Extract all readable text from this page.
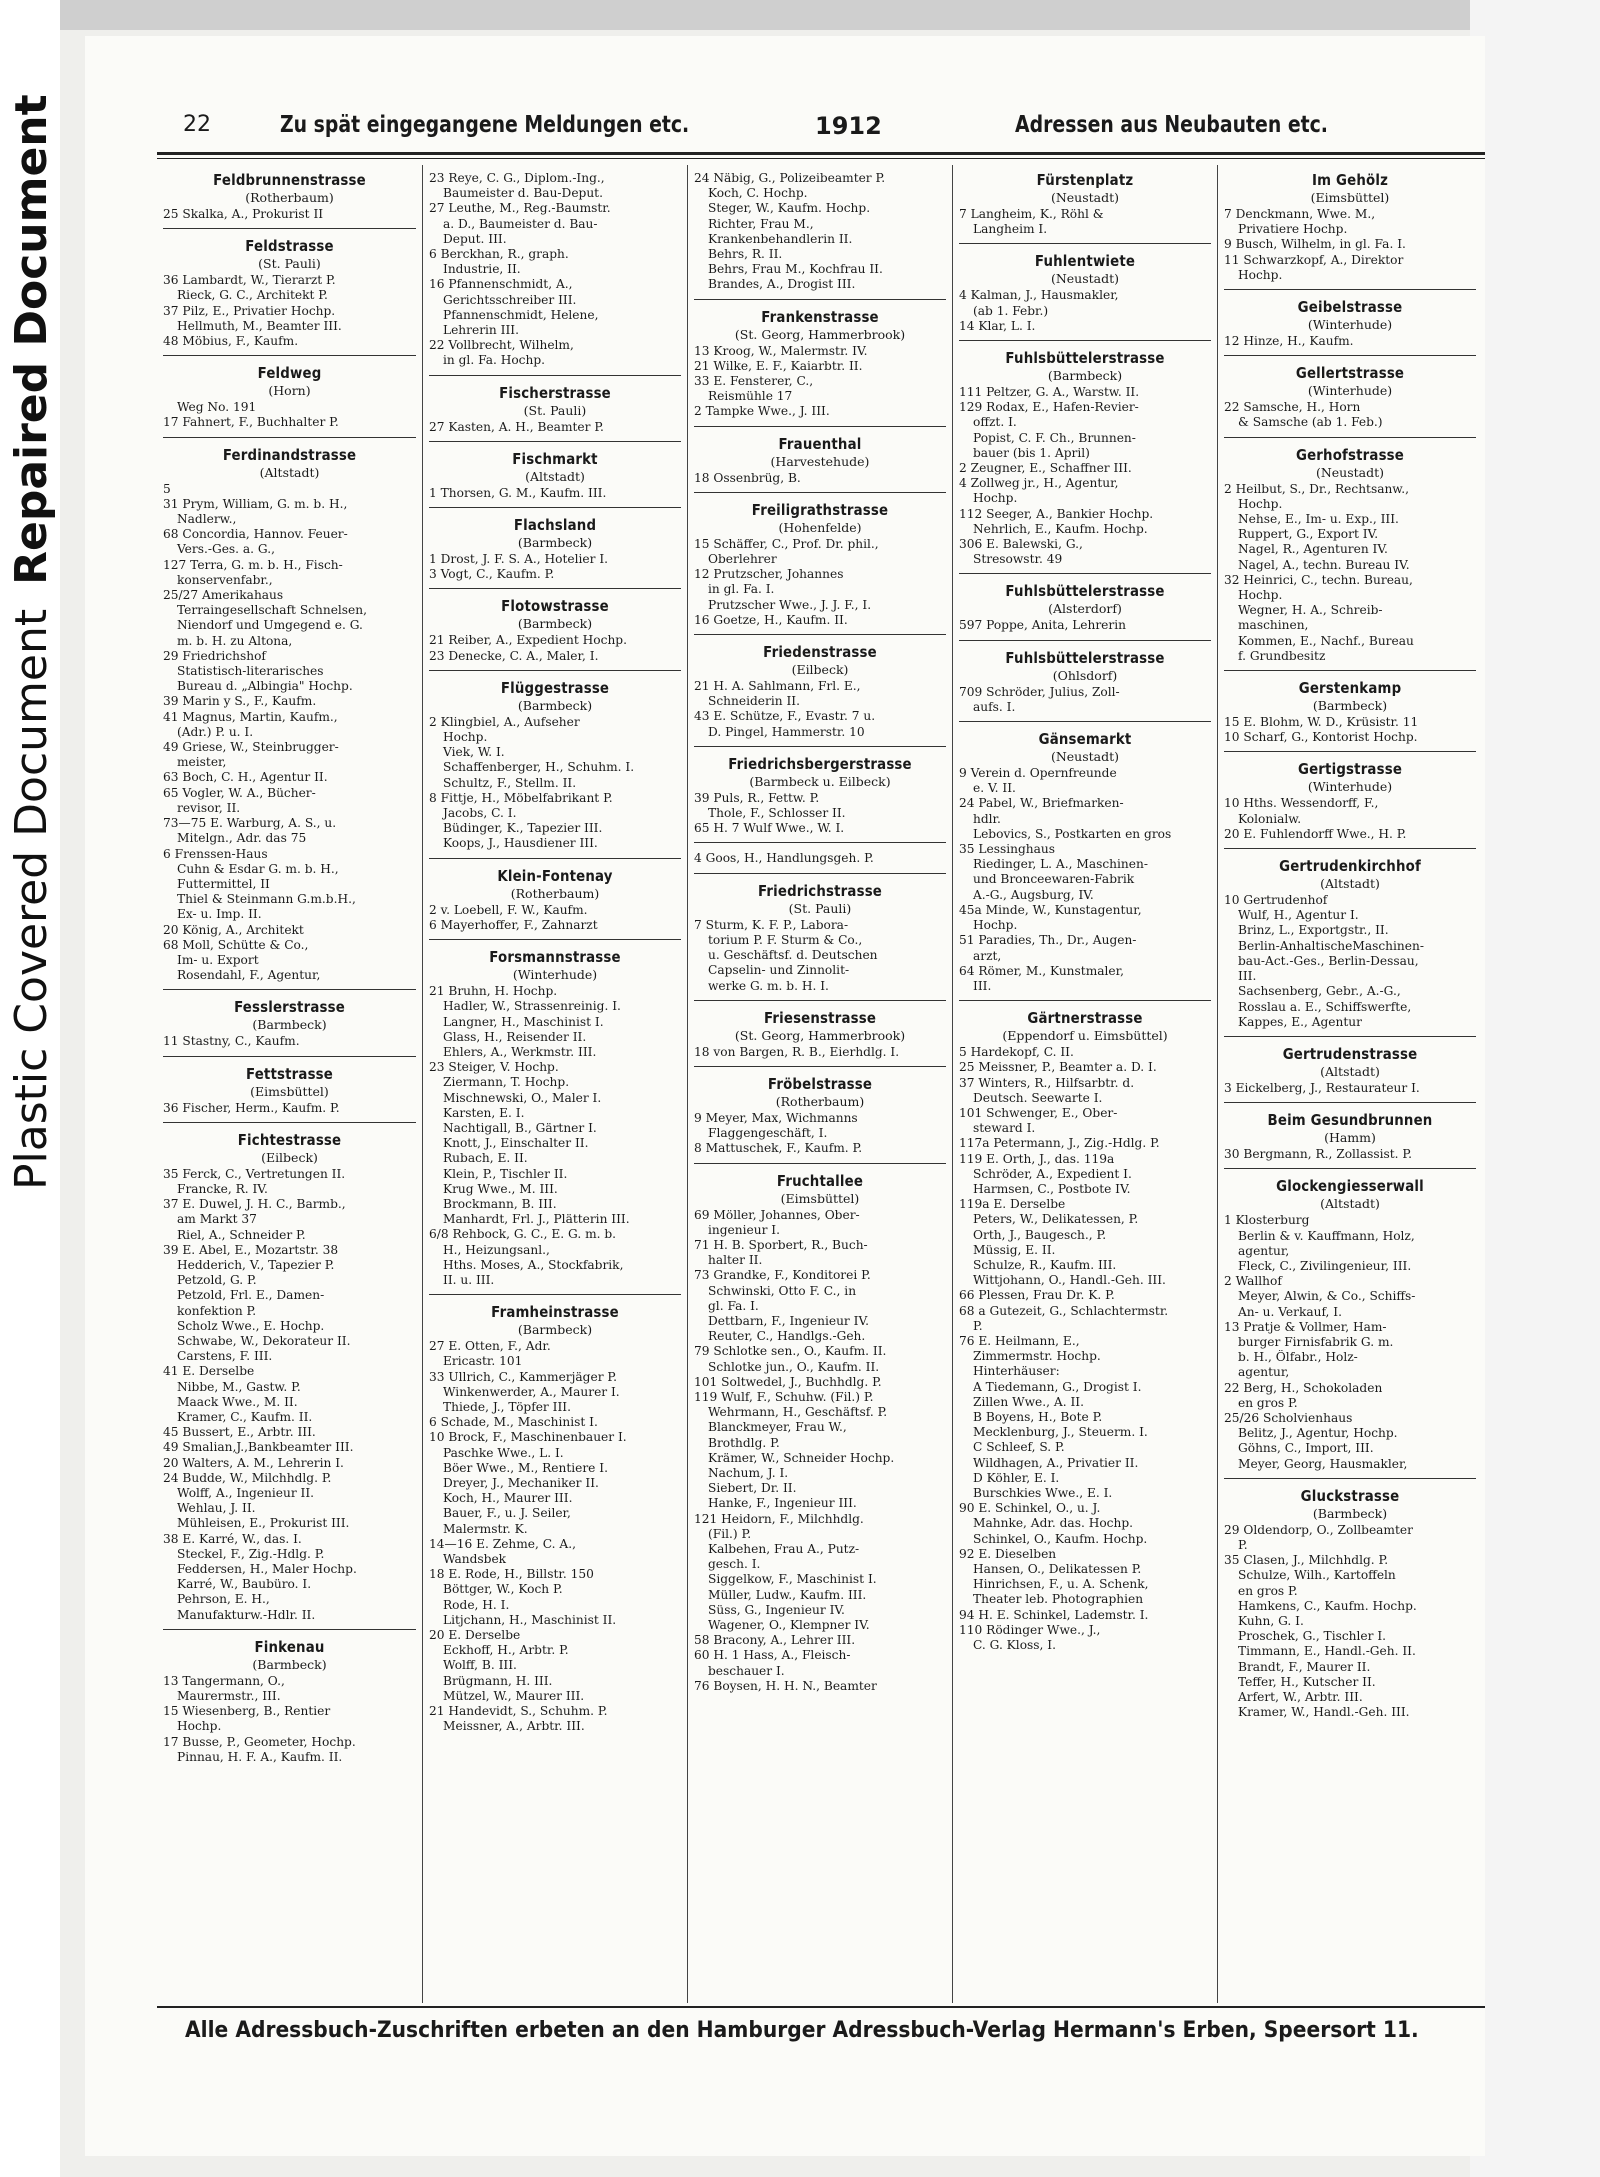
Plastic Covered DocumentRepaired Document	22	Zu spät eingegangene Meldungen etc.	1912	Adressen aus Neubauten etc.
Feldbrunnenstrasse
(Rotherbaum)
25 Skalka, A., Prokurist II
Feldstrasse
(St. Pauli)
36 Lambardt, W., Tierarzt P.
Rieck, G. C., Architekt P.
37 Pilz, E., Privatier Hochp.
Hellmuth, M., Beamter III.
48 Möbius, F., Kaufm.
Feldweg
(Horn)
Weg No. 191
17 Fahnert, F., Buchhalter P.
Ferdinandstrasse
(Altstadt)
5
31 Prym, William, G. m. b. H.,
Nadlerw.,
68 Concordia, Hannov. Feuer-
Vers.-Ges. a. G.,
127 Terra, G. m. b. H., Fisch-
konservenfabr.,
25/27 Amerikahaus
Terraingesellschaft Schnelsen,
Niendorf und Umgegend e. G.
m. b. H. zu Altona,
29 Friedrichshof
Statistisch-literarisches
Bureau d. „Albingia" Hochp.
39 Marin y S., F., Kaufm.
41 Magnus, Martin, Kaufm.,
(Adr.) P. u. I.
49 Griese, W., Steinbrugger-
meister,
63 Boch, C. H., Agentur II.
65 Vogler, W. A., Bücher-
revisor, II.
73—75 E. Warburg, A. S., u.
Mitelgn., Adr. das 75
6 Frenssen-Haus
Cuhn & Esdar G. m. b. H.,
Futtermittel, II
Thiel & Steinmann G.m.b.H.,
Ex- u. Imp. II.
20 König, A., Architekt
68 Moll, Schütte & Co.,
Im- u. Export
Rosendahl, F., Agentur,
Fesslerstrasse
(Barmbeck)
11 Stastny, C., Kaufm.
Fettstrasse
(Eimsbüttel)
36 Fischer, Herm., Kaufm. P.
Fichtestrasse
(Eilbeck)
35 Ferck, C., Vertretungen II.
Francke, R. IV.
37 E. Duwel, J. H. C., Barmb.,
am Markt 37
Riel, A., Schneider P.
39 E. Abel, E., Mozartstr. 38
Hedderich, V., Tapezier P.
Petzold, G. P.
Petzold, Frl. E., Damen-
konfektion P.
Scholz Wwe., E. Hochp.
Schwabe, W., Dekorateur II.
Carstens, F. III.
41 E. Derselbe
Nibbe, M., Gastw. P.
Maack Wwe., M. II.
Kramer, C., Kaufm. II.
45 Bussert, E., Arbtr. III.
49 Smalian,J.,Bankbeamter III.
20 Walters, A. M., Lehrerin I.
24 Budde, W., Milchhdlg. P.
Wolff, A., Ingenieur II.
Wehlau, J. II.
Mühleisen, E., Prokurist III.
38 E. Karré, W., das. I.
Steckel, F., Zig.-Hdlg. P.
Feddersen, H., Maler Hochp.
Karré, W., Baubüro. I.
Pehrson, E. H.,
Manufakturw.-Hdlr. II.
Finkenau
(Barmbeck)
13 Tangermann, O.,
Maurermstr., III.
15 Wiesenberg, B., Rentier
Hochp.
17 Busse, P., Geometer, Hochp.
Pinnau, H. F. A., Kaufm. II.
23 Reye, C. G., Diplom.-Ing.,
Baumeister d. Bau-Deput.
27 Leuthe, M., Reg.-Baumstr.
a. D., Baumeister d. Bau-
Deput. III.
6 Berckhan, R., graph.
Industrie, II.
16 Pfannenschmidt, A.,
Gerichtsschreiber III.
Pfannenschmidt, Helene,
Lehrerin III.
22 Vollbrecht, Wilhelm,
in gl. Fa. Hochp.
Fischerstrasse
(St. Pauli)
27 Kasten, A. H., Beamter P.
Fischmarkt
(Altstadt)
1 Thorsen, G. M., Kaufm. III.
Flachsland
(Barmbeck)
1 Drost, J. F. S. A., Hotelier I.
3 Vogt, C., Kaufm. P.
Flotowstrasse
(Barmbeck)
21 Reiber, A., Expedient Hochp.
23 Denecke, C. A., Maler, I.
Flüggestrasse
(Barmbeck)
2 Klingbiel, A., Aufseher
Hochp.
Viek, W. I.
Schaffenberger, H., Schuhm. I.
Schultz, F., Stellm. II.
8 Fittje, H., Möbelfabrikant P.
Jacobs, C. I.
Büdinger, K., Tapezier III.
Koops, J., Hausdiener III.
Klein-Fontenay
(Rotherbaum)
2 v. Loebell, F. W., Kaufm.
6 Mayerhoffer, F., Zahnarzt
Forsmannstrasse
(Winterhude)
21 Bruhn, H. Hochp.
Hadler, W., Strassenreinig. I.
Langner, H., Maschinist I.
Glass, H., Reisender II.
Ehlers, A., Werkmstr. III.
23 Steiger, V. Hochp.
Ziermann, T. Hochp.
Mischnewski, O., Maler I.
Karsten, E. I.
Nachtigall, B., Gärtner I.
Knott, J., Einschalter II.
Rubach, E. II.
Klein, P., Tischler II.
Krug Wwe., M. III.
Brockmann, B. III.
Manhardt, Frl. J., Plätterin III.
6/8 Rehbock, G. C., E. G. m. b.
H., Heizungsanl.,
Hths. Moses, A., Stockfabrik,
II. u. III.
Framheinstrasse
(Barmbeck)
27 E. Otten, F., Adr.
Ericastr. 101
33 Ullrich, C., Kammerjäger P.
Winkenwerder, A., Maurer I.
Thiede, J., Töpfer III.
6 Schade, M., Maschinist I.
10 Brock, F., Maschinenbauer I.
Paschke Wwe., L. I.
Böer Wwe., M., Rentiere I.
Dreyer, J., Mechaniker II.
Koch, H., Maurer III.
Bauer, F., u. J. Seiler,
Malermstr. K.
14—16 E. Zehme, C. A.,
Wandsbek
18 E. Rode, H., Billstr. 150
Böttger, W., Koch P.
Rode, H. I.
Litjchann, H., Maschinist II.
20 E. Derselbe
Eckhoff, H., Arbtr. P.
Wolff, B. III.
Brügmann, H. III.
Mützel, W., Maurer III.
21 Handevidt, S., Schuhm. P.
Meissner, A., Arbtr. III.
24 Näbig, G., Polizeibeamter P.
Koch, C. Hochp.
Steger, W., Kaufm. Hochp.
Richter, Frau M.,
Krankenbehandlerin II.
Behrs, R. II.
Behrs, Frau M., Kochfrau II.
Brandes, A., Drogist III.
Frankenstrasse
(St. Georg, Hammerbrook)
13 Kroog, W., Malermstr. IV.
21 Wilke, E. F., Kaiarbtr. II.
33 E. Fensterer, C.,
Reismühle 17
2 Tampke Wwe., J. III.
Frauenthal
(Harvestehude)
18 Ossenbrüg, B.
Freiligrathstrasse
(Hohenfelde)
15 Schäffer, C., Prof. Dr. phil.,
Oberlehrer
12 Prutzscher, Johannes
in gl. Fa. I.
Prutzscher Wwe., J. J. F., I.
16 Goetze, H., Kaufm. II.
Friedenstrasse
(Eilbeck)
21 H. A. Sahlmann, Frl. E.,
Schneiderin II.
43 E. Schütze, F., Evastr. 7 u.
D. Pingel, Hammerstr. 10
Friedrichsbergerstrasse
(Barmbeck u. Eilbeck)
39 Puls, R., Fettw. P.
Thole, F., Schlosser II.
65 H. 7 Wulf Wwe., W. I.
4 Goos, H., Handlungsgeh. P.
Friedrichstrasse
(St. Pauli)
7 Sturm, K. F. P., Labora-
torium P. F. Sturm & Co.,
u. Geschäftsf. d. Deutschen
Capselin- und Zinnolit-
werke G. m. b. H. I.
Friesenstrasse
(St. Georg, Hammerbrook)
18 von Bargen, R. B., Eierhdlg. I.
Fröbelstrasse
(Rotherbaum)
9 Meyer, Max, Wichmanns
Flaggengeschäft, I.
8 Mattuschek, F., Kaufm. P.
Fruchtallee
(Eimsbüttel)
69 Möller, Johannes, Ober-
ingenieur I.
71 H. B. Sporbert, R., Buch-
halter II.
73 Grandke, F., Konditorei P.
Schwinski, Otto F. C., in
gl. Fa. I.
Dettbarn, F., Ingenieur IV.
Reuter, C., Handlgs.-Geh.
79 Schlotke sen., O., Kaufm. II.
Schlotke jun., O., Kaufm. II.
101 Soltwedel, J., Buchhdlg. P.
119 Wulf, F., Schuhw. (Fil.) P.
Wehrmann, H., Geschäftsf. P.
Blanckmeyer, Frau W.,
Brothdlg. P.
Krämer, W., Schneider Hochp.
Nachum, J. I.
Siebert, Dr. II.
Hanke, F., Ingenieur III.
121 Heidorn, F., Milchhdlg.
(Fil.) P.
Kalbehen, Frau A., Putz-
gesch. I.
Siggelkow, F., Maschinist I.
Müller, Ludw., Kaufm. III.
Süss, G., Ingenieur IV.
Wagener, O., Klempner IV.
58 Bracony, A., Lehrer III.
60 H. 1 Hass, A., Fleisch-
beschauer I.
76 Boysen, H. H. N., Beamter
Fürstenplatz
(Neustadt)
7 Langheim, K., Röhl &
Langheim I.
Fuhlentwiete
(Neustadt)
4 Kalman, J., Hausmakler,
(ab 1. Febr.)
14 Klar, L. I.
Fuhlsbüttelerstrasse
(Barmbeck)
111 Peltzer, G. A., Warstw. II.
129 Rodax, E., Hafen-Revier-
offzt. I.
Popist, C. F. Ch., Brunnen-
bauer (bis 1. April)
2 Zeugner, E., Schaffner III.
4 Zollweg jr., H., Agentur,
Hochp.
112 Seeger, A., Bankier Hochp.
Nehrlich, E., Kaufm. Hochp.
306 E. Balewski, G.,
Stresowstr. 49
Fuhlsbüttelerstrasse
(Alsterdorf)
597 Poppe, Anita, Lehrerin
Fuhlsbüttelerstrasse
(Ohlsdorf)
709 Schröder, Julius, Zoll-
aufs. I.
Gänsemarkt
(Neustadt)
9 Verein d. Opernfreunde
e. V. II.
24 Pabel, W., Briefmarken-
hdlr.
Lebovics, S., Postkarten en gros
35 Lessinghaus
Riedinger, L. A., Maschinen-
und Bronceewaren-Fabrik
A.-G., Augsburg, IV.
45a Minde, W., Kunstagentur,
Hochp.
51 Paradies, Th., Dr., Augen-
arzt,
64 Römer, M., Kunstmaler,
III.
Gärtnerstrasse
(Eppendorf u. Eimsbüttel)
5 Hardekopf, C. II.
25 Meissner, P., Beamter a. D. I.
37 Winters, R., Hilfsarbtr. d.
Deutsch. Seewarte I.
101 Schwenger, E., Ober-
steward I.
117a Petermann, J., Zig.-Hdlg. P.
119 E. Orth, J., das. 119a
Schröder, A., Expedient I.
Harmsen, C., Postbote IV.
119a E. Derselbe
Peters, W., Delikatessen, P.
Orth, J., Baugesch., P.
Müssig, E. II.
Schulze, R., Kaufm. III.
Wittjohann, O., Handl.-Geh. III.
66 Plessen, Frau Dr. K. P.
68 a Gutezeit, G., Schlachtermstr.
P.
76 E. Heilmann, E.,
Zimmermstr. Hochp.
Hinterhäuser:
A Tiedemann, G., Drogist I.
Zillen Wwe., A. II.
B Boyens, H., Bote P.
Mecklenburg, J., Steuerm. I.
C Schleef, S. P.
Wildhagen, A., Privatier II.
D Köhler, E. I.
Burschkies Wwe., E. I.
90 E. Schinkel, O., u. J.
Mahnke, Adr. das. Hochp.
Schinkel, O., Kaufm. Hochp.
92 E. Dieselben
Hansen, O., Delikatessen P.
Hinrichsen, F., u. A. Schenk,
Theater leb. Photographien
94 H. E. Schinkel, Lademstr. I.
110 Rödinger Wwe., J.,
C. G. Kloss, I.
Im Gehölz
(Eimsbüttel)
7 Denckmann, Wwe. M.,
Privatiere Hochp.
9 Busch, Wilhelm, in gl. Fa. I.
11 Schwarzkopf, A., Direktor
Hochp.
Geibelstrasse
(Winterhude)
12 Hinze, H., Kaufm.
Gellertstrasse
(Winterhude)
22 Samsche, H., Horn
& Samsche (ab 1. Feb.)
Gerhofstrasse
(Neustadt)
2 Heilbut, S., Dr., Rechtsanw.,
Hochp.
Nehse, E., Im- u. Exp., III.
Ruppert, G., Export IV.
Nagel, R., Agenturen IV.
Nagel, A., techn. Bureau IV.
32 Heinrici, C., techn. Bureau,
Hochp.
Wegner, H. A., Schreib-
maschinen,
Kommen, E., Nachf., Bureau
f. Grundbesitz
Gerstenkamp
(Barmbeck)
15 E. Blohm, W. D., Krüsistr. 11
10 Scharf, G., Kontorist Hochp.
Gertigstrasse
(Winterhude)
10 Hths. Wessendorff, F.,
Kolonialw.
20 E. Fuhlendorff Wwe., H. P.
Gertrudenkirchhof
(Altstadt)
10 Gertrudenhof
Wulf, H., Agentur I.
Brinz, L., Exportgstr., II.
Berlin-AnhaltischeMaschinen-
bau-Act.-Ges., Berlin-Dessau,
III.
Sachsenberg, Gebr., A.-G.,
Rosslau a. E., Schiffswerfte,
Kappes, E., Agentur
Gertrudenstrasse
(Altstadt)
3 Eickelberg, J., Restaurateur I.
Beim Gesundbrunnen
(Hamm)
30 Bergmann, R., Zollassist. P.
Glockengiesserwall
(Altstadt)
1 Klosterburg
Berlin & v. Kauffmann, Holz,
agentur,
Fleck, C., Zivilingenieur, III.
2 Wallhof
Meyer, Alwin, & Co., Schiffs-
An- u. Verkauf, I.
13 Pratje & Vollmer, Ham-
burger Firnisfabrik G. m.
b. H., Ölfabr., Holz-
agentur,
22 Berg, H., Schokoladen
en gros P.
25/26 Scholvienhaus
Belitz, J., Agentur, Hochp.
Göhns, C., Import, III.
Meyer, Georg, Hausmakler,
Gluckstrasse
(Barmbeck)
29 Oldendorp, O., Zollbeamter
P.
35 Clasen, J., Milchhdlg. P.
Schulze, Wilh., Kartoffeln
en gros P.
Hamkens, C., Kaufm. Hochp.
Kuhn, G. I.
Proschek, G., Tischler I.
Timmann, E., Handl.-Geh. II.
Brandt, F., Maurer II.
Teffer, H., Kutscher II.
Arfert, W., Arbtr. III.
Kramer, W., Handl.-Geh. III.
Alle Adressbuch-Zuschriften erbeten an den Hamburger Adressbuch-Verlag Hermann's Erben, Speersort 11.
